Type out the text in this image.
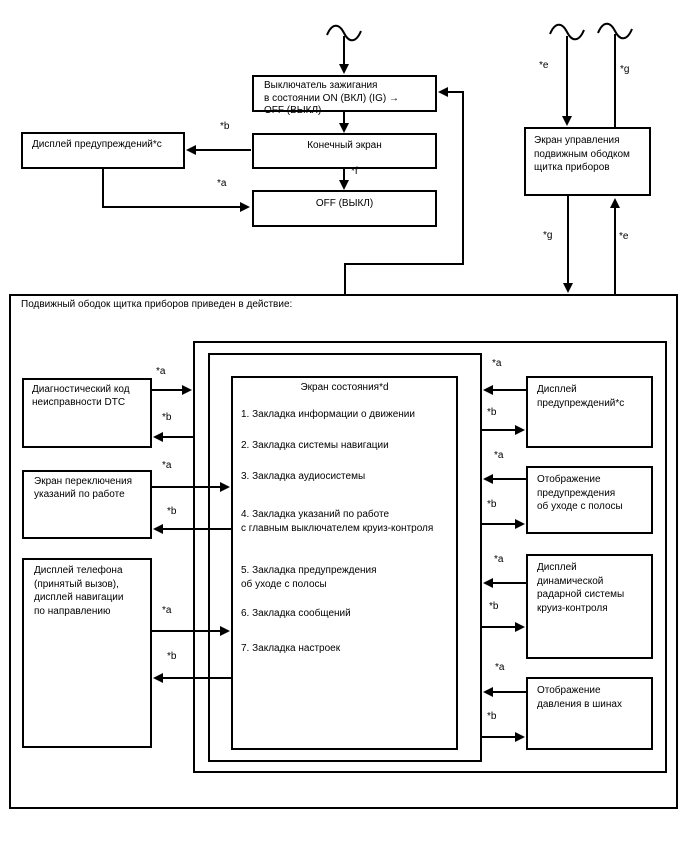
Подвижный ободок щитка приборов приведен в действие:
Выключатель зажигания
в состоянии ON (ВКЛ) (IG) →
OFF (ВЫКЛ)
Конечный экран
OFF (ВЫКЛ)
Дисплей предупреждений*c	Экран управления
подвижным ободком
щитка приборов
Диагностический код
неисправности DTC
Экран переключения
указаний по работе
Дисплей телефона
(принятый вызов),
дисплей навигации
по направлению
Экран состояния*d
1. Закладка информации о движении
2. Закладка системы навигации
3. Закладка аудиосистемы
4. Закладка указаний по работе
с главным выключателем круиз-контроля
5. Закладка предупреждения
об уходе с полосы
6. Закладка сообщений
7. Закладка настроек
Дисплей
предупреждений*c
Отображение
предупреждения
об уходе с полосы
Дисплей
динамической
радарной системы
круиз-контроля
Отображение
давления в шинах
*b
*a
*f
*e	*g
*g	*e
*a
*b
*a
*b
*a
*b
*a
*b
*a
*b
*a
*b
*a
*b
